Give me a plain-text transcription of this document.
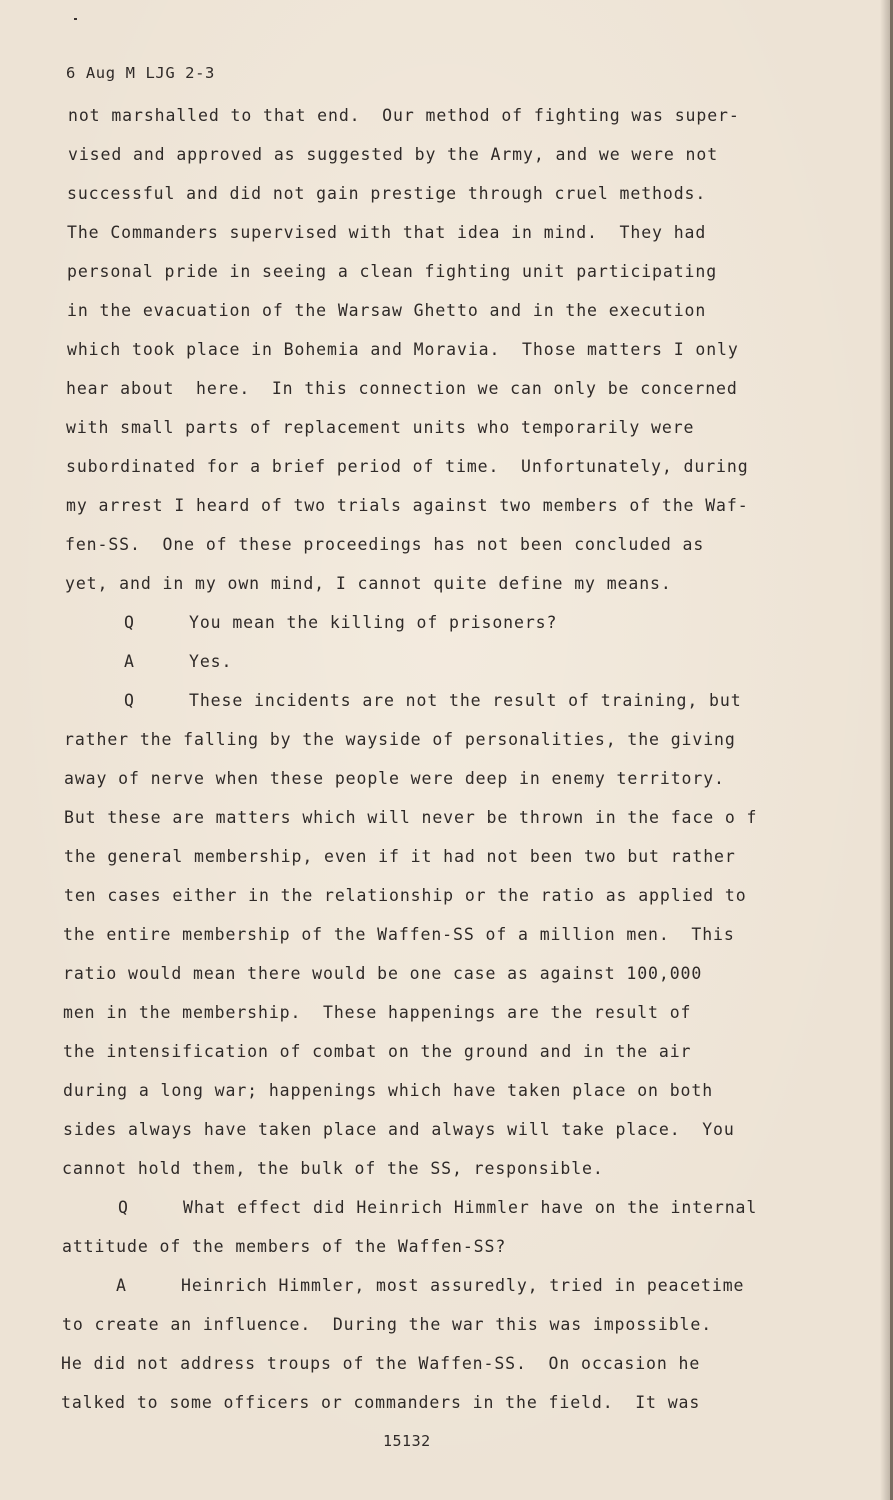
6 Aug M LJG 2-3
not marshalled to that end.  Our method of fighting was super-
vised and approved as suggested by the Army, and we were not
successful and did not gain prestige through cruel methods.
The Commanders supervised with that idea in mind.  They had
personal pride in seeing a clean fighting unit participating
in the evacuation of the Warsaw Ghetto and in the execution
which took place in Bohemia and Moravia.  Those matters I only
hear about  here.  In this connection we can only be concerned
with small parts of replacement units who temporarily were
subordinated for a brief period of time.  Unfortunately, during
my arrest I heard of two trials against two members of the Waf-
fen-SS.  One of these proceedings has not been concluded as
yet, and in my own mind, I cannot quite define my means.
Q     You mean the killing of prisoners?
A     Yes.
Q     These incidents are not the result of training, but
rather the falling by the wayside of personalities, the giving
away of nerve when these people were deep in enemy territory.
But these are matters which will never be thrown in the face o f
the general membership, even if it had not been two but rather
ten cases either in the relationship or the ratio as applied to
the entire membership of the Waffen-SS of a million men.  This
ratio would mean there would be one case as against 100,000
men in the membership.  These happenings are the result of
the intensification of combat on the ground and in the air
during a long war; happenings which have taken place on both
sides always have taken place and always will take place.  You
cannot hold them, the bulk of the SS, responsible.
Q     What effect did Heinrich Himmler have on the internal
attitude of the members of the Waffen-SS?
A     Heinrich Himmler, most assuredly, tried in peacetime
to create an influence.  During the war this was impossible.
He did not address troups of the Waffen-SS.  On occasion he
talked to some officers or commanders in the field.  It was
15132
